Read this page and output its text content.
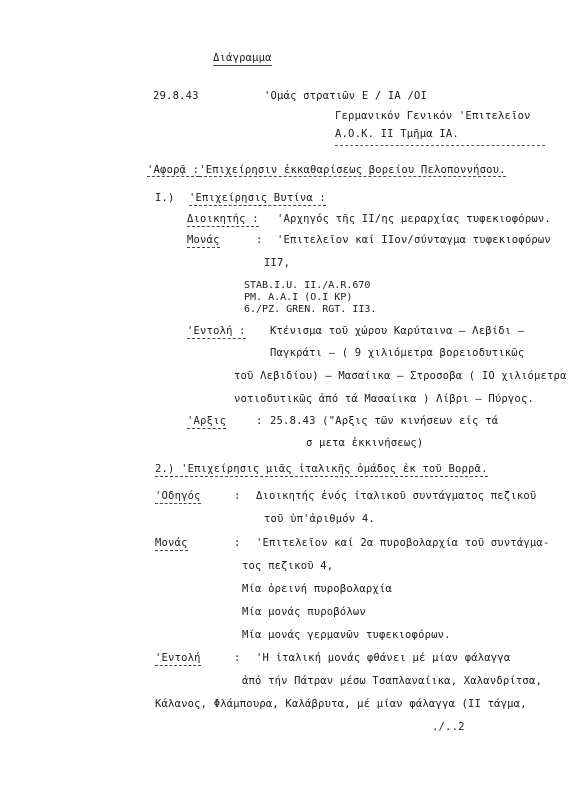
Διάγραμμα
29.8.43	'Ομάς στρατιῶν Ε / ΙΑ /ΟΙ
Γερμανικόν Γενικόν 'Επιτελεῖον
Α.Ο.Κ. ΙΙ Τμῆμα ΙΑ.
'Αφορᾷ :'Επιχείρησιν ἐκκαθαρίσεως βορείου Πελοποννήσου.
Ι.) 'Επιχείρησις Βυτίνα :
Διοικητής : 'Αρχηγός τῆς ΙΙ/ης μεραρχίας τυφεκιοφόρων.
Μονάς	: 'Επιτελεῖον καί ΙΙον/σύνταγμα τυφεκιοφόρων
ΙΙ7,
STAB.I.U. II./A.R.670
PM. A.A.I (O.I KP)
6./PZ. GREN. RGT. II3.
'Εντολή : Κτένισμα τοῦ χώρου Καρύταινα – Λεβίδι –
Παγκράτι – ( 9 χιλιόμετρα βορειοδυτικῶς
τοῦ Λεβιδίου) – Μασαίικα – Στροσοβα ( ΙΟ χιλιόμετρα
νοτιοδυτικῶς ἀπό τά Μασαίικα ) Λίβρι – Πύργος.
'Αρξις	: 25.8.43 ("Αρξις τῶν κινήσεων εἰς τά
σ μετα ἐκκινήσεως)
2.) 'Επιχείρησις μιᾶς ἰταλικῆς ὁμάδος ἐκ τοῦ Βορρᾶ.
'Οδηγός	: Διοικητής ἑνός ἰταλικοῦ συντάγματος πεζικοῦ
τοῦ ὑπ'ἀριθμόν 4.
Μονάς	: 'Επιτελεῖον καί 2α πυροβολαρχία τοῦ συντάγμα-
τος πεζικοῦ 4,
Μία ὀρεινή πυροβολαρχία
Μία μονάς πυροβόλων
Μία μονάς γερμανῶν τυφεκιοφόρων.
'Εντολή	: 'Η ἰταλική μονάς φθάνει μέ μίαν φάλαγγα
ἀπό τήν Πάτραν μέσω Τσαπλαναίικα, Χαλανδρίτσα,
Κάλανος, Φλάμπουρα, Καλάβρυτα, μέ μίαν φάλαγγα (ΙΙ τάγμα,
./..2
